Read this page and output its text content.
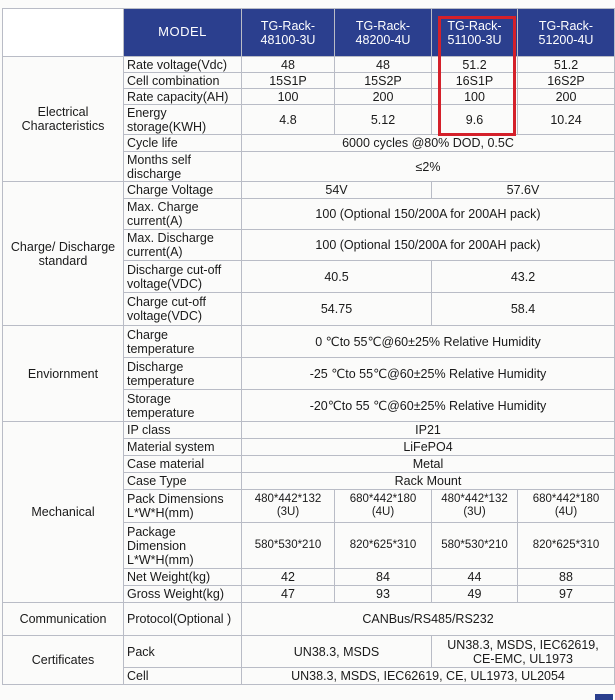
	MODEL	TG-Rack-48100-3U	TG-Rack-48200-4U	TG-Rack-51100-3U	TG-Rack-51200-4U
Electrical Characteristics	Rate voltage(Vdc)	48	48	51.2	51.2
	Cell combination	15S1P	15S2P	16S1P	16S2P
	Rate capacity(AH)	100	200	100	200
	Energy storage(KWH)	4.8	5.12	9.6	10.24
	Cycle life	6000 cycles @80% DOD, 0.5C			
	Months self discharge	≤2%			
Charge/ Discharge standard	Charge Voltage	54V		57.6V	
	Max. Charge current(A)	100 (Optional 150/200A for 200AH pack)			
	Max. Discharge current(A)	100 (Optional 150/200A for 200AH pack)			
	Discharge cut-off voltage(VDC)	40.5		43.2	
	Charge cut-off voltage(VDC)	54.75		58.4	
Enviornment	Charge temperature	0 ℃to 55℃@60±25% Relative Humidity			
	Discharge temperature	-25 ℃to 55℃@60±25% Relative Humidity			
	Storage temperature	-20℃to 55 ℃@60±25% Relative Humidity			
Mechanical	IP class	IP21			
	Material system	LiFePO4			
	Case material	Metal			
	Case Type	Rack Mount			
	Pack Dimensions L*W*H(mm)	480*442*132 (3U)	680*442*180 (4U)	480*442*132 (3U)	680*442*180 (4U)
	Package Dimension L*W*H(mm)	580*530*210	820*625*310	580*530*210	820*625*310
	Net Weight(kg)	42	84	44	88
	Gross Weight(kg)	47	93	49	97
Communication	Protocol(Optional )	CANBus/RS485/RS232			
Certificates	Pack	UN38.3, MSDS		UN38.3, MSDS, IEC62619, CE-EMC, UL1973	
	Cell	UN38.3, MSDS, IEC62619, CE, UL1973, UL2054			
